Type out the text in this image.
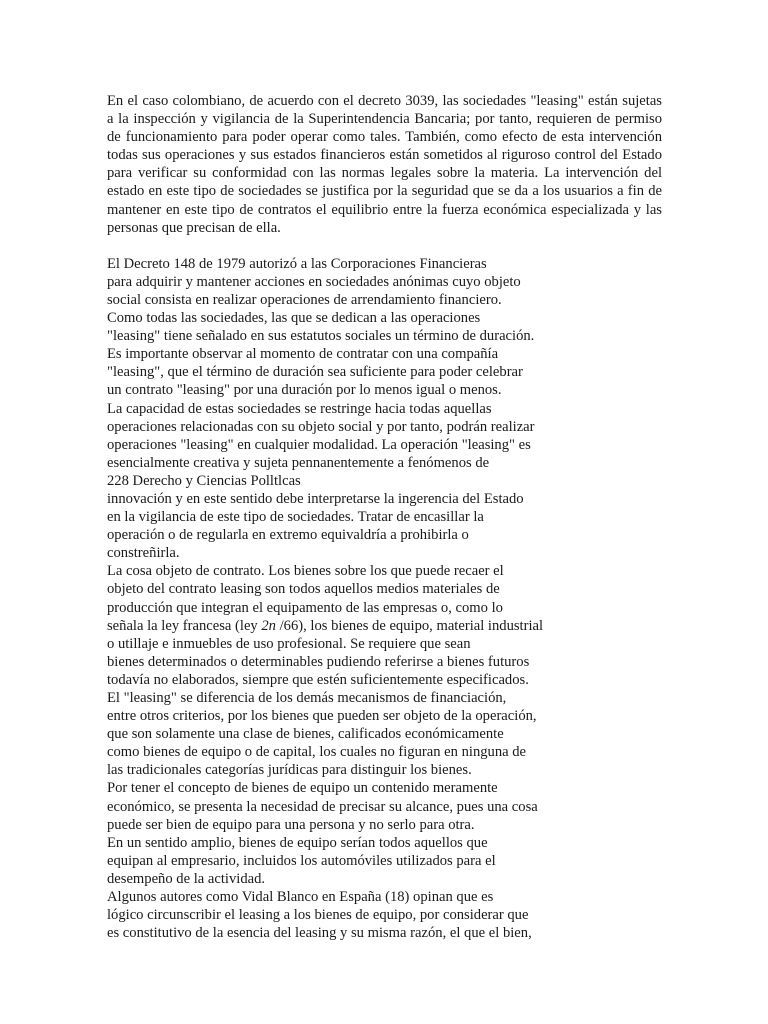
En el caso colombiano, de acuerdo con el decreto 3039, las sociedades "leasing" están sujetas a la inspección y vigilancia de la Superintendencia Bancaria; por tanto, requieren de permiso de funcionamiento para poder operar como tales. También, como efecto de esta intervención todas sus operaciones y sus estados financieros están sometidos al riguroso control del Estado para verificar su conformidad con las normas legales sobre la materia. La intervención del estado en este tipo de sociedades se justifica por la seguridad que se da a los usuarios a fin de mantener en este tipo de contratos el equilibrio entre la fuerza económica especializada y las personas que precisan de ella.

El Decreto 148 de 1979 autorizó a las Corporaciones Financieras
para adquirir y mantener acciones en sociedades anónimas cuyo objeto
social consista en realizar operaciones de arrendamiento financiero.
Como todas las sociedades, las que se dedican a las operaciones
"leasing" tiene señalado en sus estatutos sociales un término de duración.
Es importante observar al momento de contratar con una compañía
"leasing", que el término de duración sea suficiente para poder celebrar
un contrato "leasing" por una duración por lo menos igual o menos.
La capacidad de estas sociedades se restringe hacia todas aquellas
operaciones relacionadas con su objeto social y por tanto, podrán realizar
operaciones "leasing" en cualquier modalidad. La operación "leasing" es
esencialmente creativa y sujeta pennanentemente a fenómenos de
228 Derecho y Ciencias Polltlcas
innovación y en este sentido debe interpretarse la ingerencia del Estado
en la vigilancia de este tipo de sociedades. Tratar de encasillar la
operación o de regularla en extremo equivaldría a prohibirla o
constreñirla.
La cosa objeto de contrato. Los bienes sobre los que puede recaer el
objeto del contrato leasing son todos aquellos medios materiales de
producción que integran el equipamento de las empresas o, como lo
señala la ley francesa (ley 2n /66), los bienes de equipo, material industrial
o utillaje e inmuebles de uso profesional. Se requiere que sean
bienes determinados o determinables pudiendo referirse a bienes futuros
todavía no elaborados, siempre que estén suficientemente especificados.
El "leasing" se diferencia de los demás mecanismos de financiación,
entre otros criterios, por los bienes que pueden ser objeto de la operación,
que son solamente una clase de bienes, calificados económicamente
como bienes de equipo o de capital, los cuales no figuran en ninguna de
las tradicionales categorías jurídicas para distinguir los bienes.
Por tener el concepto de bienes de equipo un contenido meramente
económico, se presenta la necesidad de precisar su alcance, pues una cosa
puede ser bien de equipo para una persona y no serlo para otra.
En un sentido amplio, bienes de equipo serían todos aquellos que
equipan al empresario, incluidos los automóviles utilizados para el
desempeño de la actividad.
Algunos autores como Vidal Blanco en España (18) opinan que es
lógico circunscribir el leasing a los bienes de equipo, por considerar que
es constitutivo de la esencia del leasing y su misma razón, el que el bien,
